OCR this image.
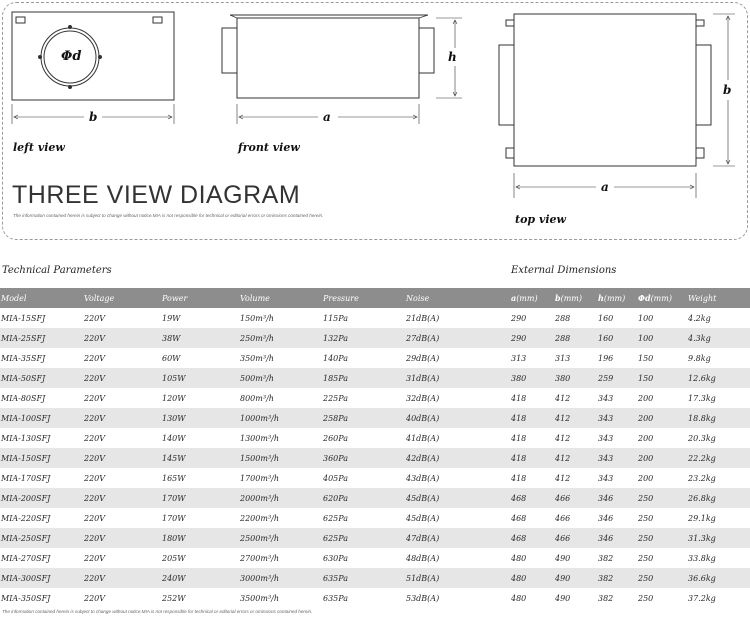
Φd
b	a
h
a
b
left view	front view
top view
THREE VIEW DIAGRAM
The information contained herein is subject to change without notice.MIA is not responsible for technical or editorial errors or omissions contained herein.
Technical Parameters	External Dimensions
Model	Voltage	Power	Volume	Pressure	Noise	a(mm)	b(mm)	h(mm)	Φd(mm)	Weight
MIA-15SFJ	220V	19W	150m³/h	115Pa	21dB(A)	290	288	160	100	4.2kg
MIA-25SFJ	220V	38W	250m³/h	132Pa	27dB(A)	290	288	160	100	4.3kg
MIA-35SFJ	220V	60W	350m³/h	140Pa	29dB(A)	313	313	196	150	9.8kg
MIA-50SFJ	220V	105W	500m³/h	185Pa	31dB(A)	380	380	259	150	12.6kg
MIA-80SFJ	220V	120W	800m³/h	225Pa	32dB(A)	418	412	343	200	17.3kg
MIA-100SFJ	220V	130W	1000m³/h	258Pa	40dB(A)	418	412	343	200	18.8kg
MIA-130SFJ	220V	140W	1300m³/h	260Pa	41dB(A)	418	412	343	200	20.3kg
MIA-150SFJ	220V	145W	1500m³/h	360Pa	42dB(A)	418	412	343	200	22.2kg
MIA-170SFJ	220V	165W	1700m³/h	405Pa	43dB(A)	418	412	343	200	23.2kg
MIA-200SFJ	220V	170W	2000m³/h	620Pa	45dB(A)	468	466	346	250	26.8kg
MIA-220SFJ	220V	170W	2200m³/h	625Pa	45dB(A)	468	466	346	250	29.1kg
MIA-250SFJ	220V	180W	2500m³/h	625Pa	47dB(A)	468	466	346	250	31.3kg
MIA-270SFJ	220V	205W	2700m³/h	630Pa	48dB(A)	480	490	382	250	33.8kg
MIA-300SFJ	220V	240W	3000m³/h	635Pa	51dB(A)	480	490	382	250	36.6kg
MIA-350SFJ	220V	252W	3500m³/h	635Pa	53dB(A)	480	490	382	250	37.2kg
The information contained herein is subject to change without notice.MIA is not responsible for technical or editorial errors or omissions contained herein.
